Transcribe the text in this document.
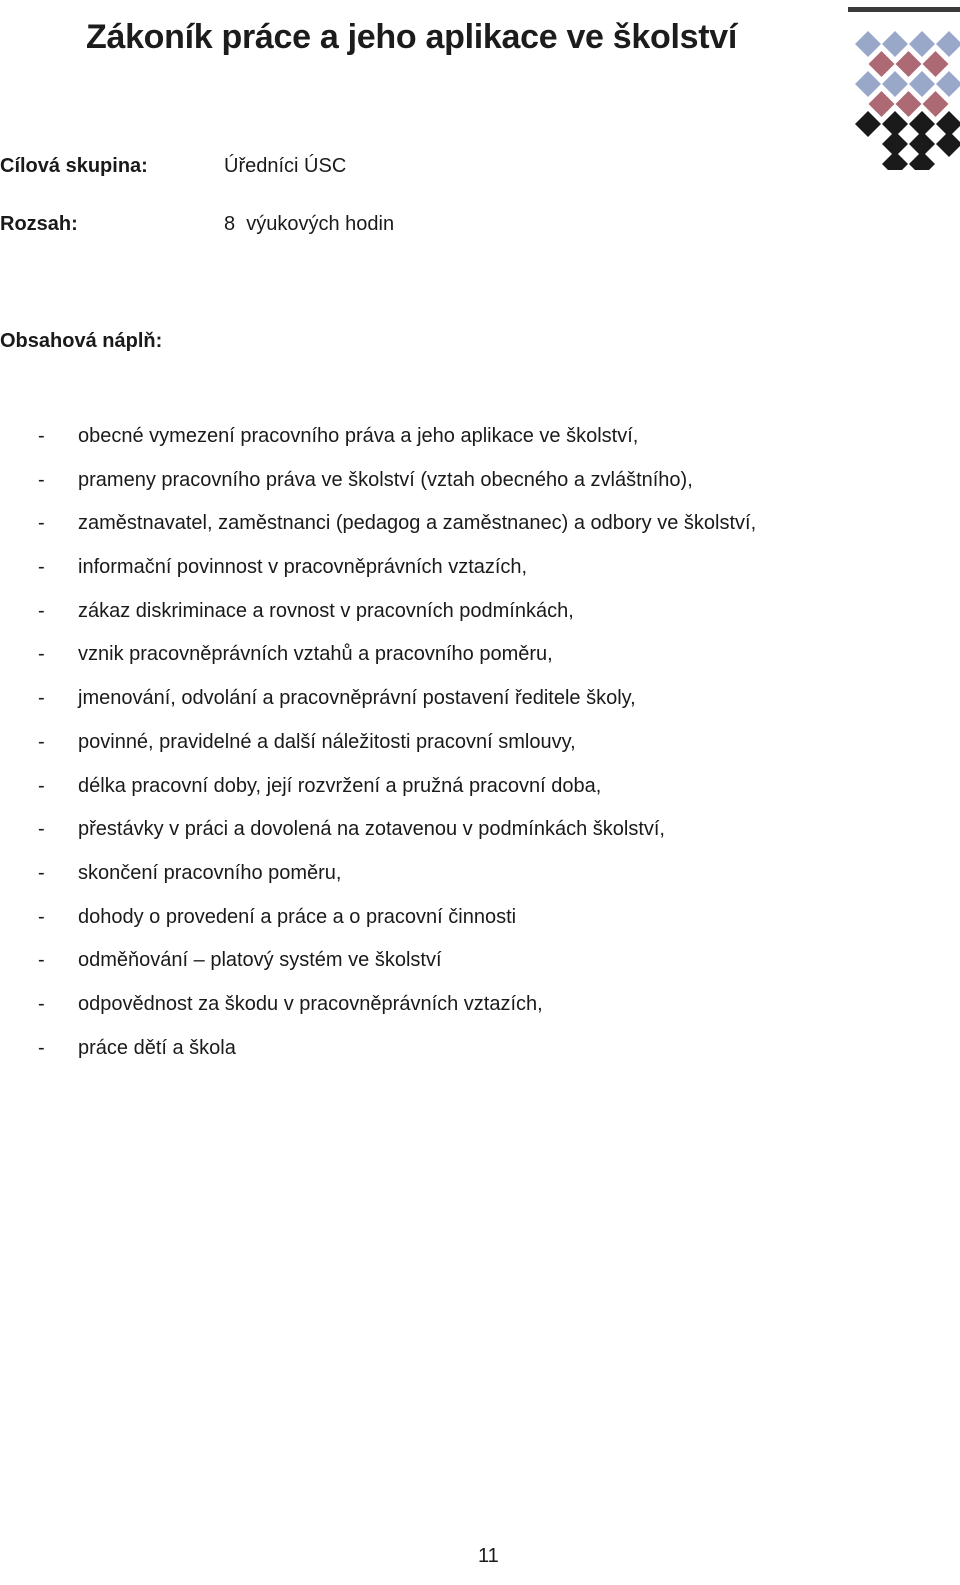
Zákoník práce a jeho aplikace ve školství
Cílová skupina:	Úředníci ÚSC
Rozsah:	8  výukových hodin
Obsahová náplň:
- obecné vymezení pracovního práva a jeho aplikace ve školství,
- prameny pracovního práva ve školství (vztah obecného a zvláštního),
- zaměstnavatel, zaměstnanci (pedagog a zaměstnanec) a odbory ve školství,
- informační povinnost v pracovněprávních vztazích,
- zákaz diskriminace a rovnost v pracovních podmínkách,
- vznik pracovněprávních vztahů a pracovního poměru,
- jmenování, odvolání a pracovněprávní postavení ředitele školy,
- povinné, pravidelné a další náležitosti pracovní smlouvy,
- délka pracovní doby, její rozvržení a pružná pracovní doba,
- přestávky v práci a dovolená na zotavenou v podmínkách školství,
- skončení pracovního poměru,
- dohody o provedení a práce a o pracovní činnosti
- odměňování – platový systém ve školství
- odpovědnost za škodu v pracovněprávních vztazích,
- práce dětí a škola
11
